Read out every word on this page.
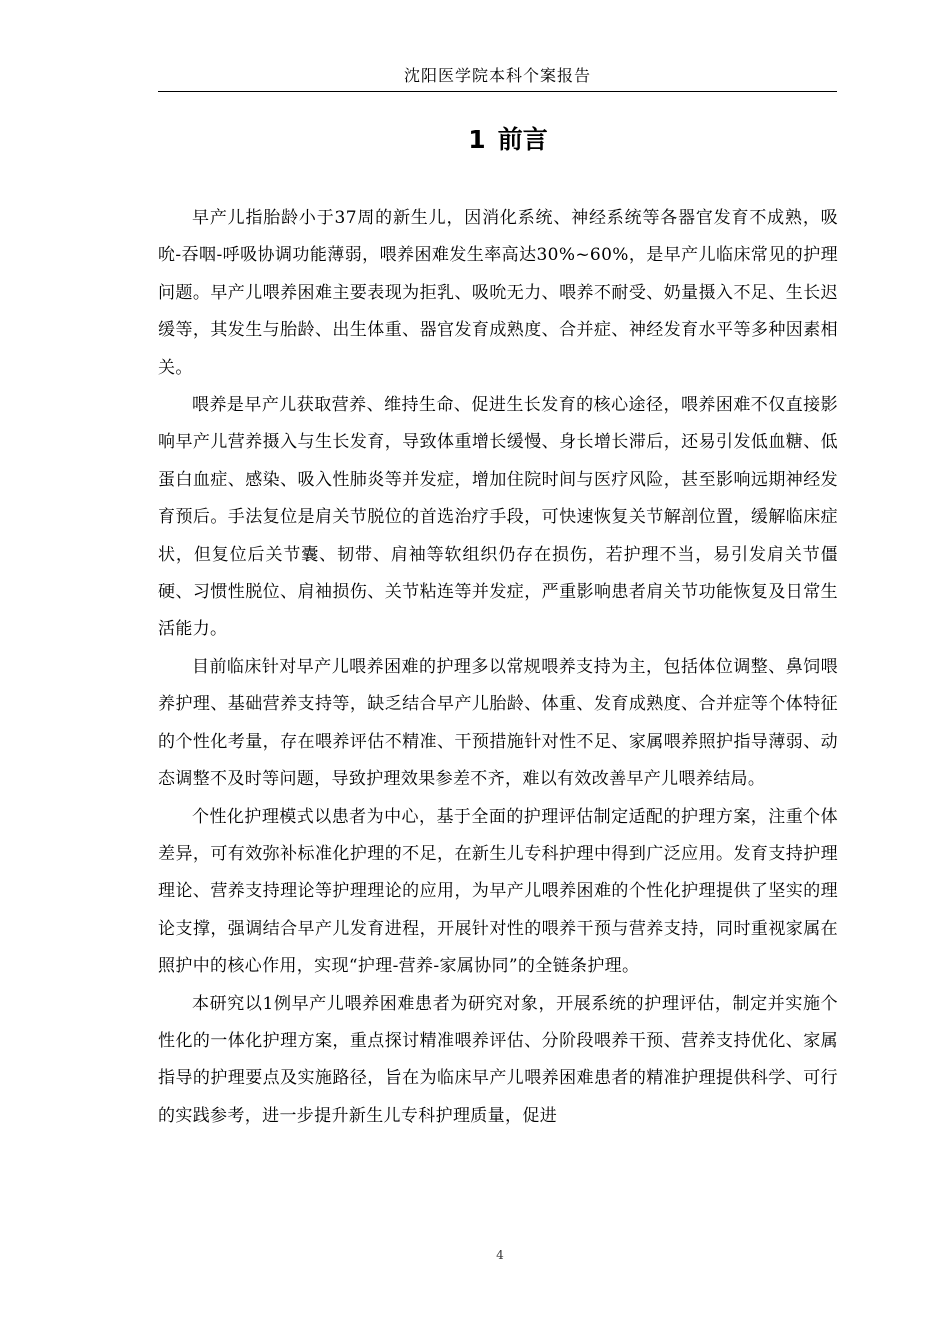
沈阳医学院本科个案报告
1 前言

早产儿指胎龄小于37周的新生儿，因消化系统、神经系统等各器官发育不成熟，吸吮-吞咽-呼吸协调功能薄弱，喂养困难发生率高达30%~60%，是早产儿临床常见的护理问题。早产儿喂养困难主要表现为拒乳、吸吮无力、喂养不耐受、奶量摄入不足、生长迟缓等，其发生与胎龄、出生体重、器官发育成熟度、合并症、神经发育水平等多种因素相关。

喂养是早产儿获取营养、维持生命、促进生长发育的核心途径，喂养困难不仅直接影响早产儿营养摄入与生长发育，导致体重增长缓慢、身长增长滞后，还易引发低血糖、低蛋白血症、感染、吸入性肺炎等并发症，增加住院时间与医疗风险，甚至影响远期神经发育预后。手法复位是肩关节脱位的首选治疗手段，可快速恢复关节解剖位置，缓解临床症状，但复位后关节囊、韧带、肩袖等软组织仍存在损伤，若护理不当，易引发肩关节僵硬、习惯性脱位、肩袖损伤、关节粘连等并发症，严重影响患者肩关节功能恢复及日常生活能力。

目前临床针对早产儿喂养困难的护理多以常规喂养支持为主，包括体位调整、鼻饲喂养护理、基础营养支持等，缺乏结合早产儿胎龄、体重、发育成熟度、合并症等个体特征的个性化考量，存在喂养评估不精准、干预措施针对性不足、家属喂养照护指导薄弱、动态调整不及时等问题，导致护理效果参差不齐，难以有效改善早产儿喂养结局。

个性化护理模式以患者为中心，基于全面的护理评估制定适配的护理方案，注重个体差异，可有效弥补标准化护理的不足，在新生儿专科护理中得到广泛应用。发育支持护理理论、营养支持理论等护理理论的应用，为早产儿喂养困难的个性化护理提供了坚实的理论支撑，强调结合早产儿发育进程，开展针对性的喂养干预与营养支持，同时重视家属在照护中的核心作用，实现“护理-营养-家属协同”的全链条护理。

本研究以1例早产儿喂养困难患者为研究对象，开展系统的护理评估，制定并实施个性化的一体化护理方案，重点探讨精准喂养评估、分阶段喂养干预、营养支持优化、家属指导的护理要点及实施路径，旨在为临床早产儿喂养困难患者的精准护理提供科学、可行的实践参考，进一步提升新生儿专科护理质量，促进

4
